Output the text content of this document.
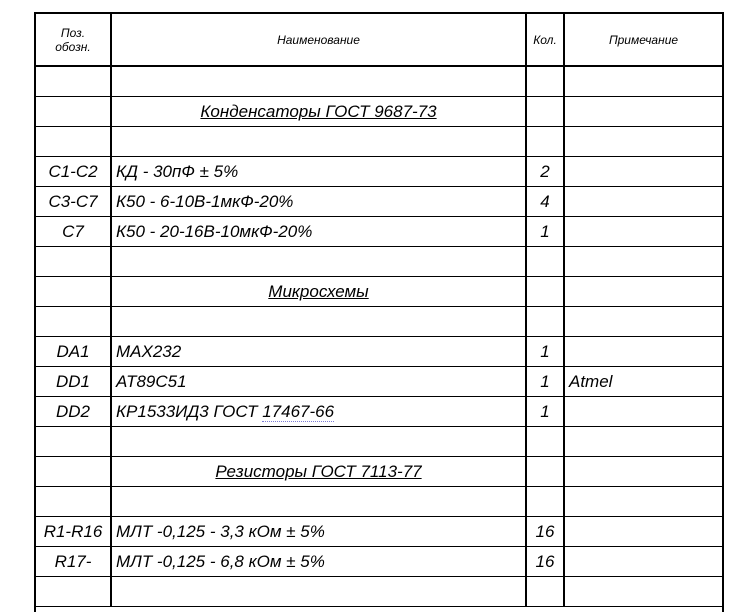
Поз.
обозн.	Наименование	Кол.	Примечание

	Конденсаторы ГОСТ 9687-73		

C1-C2	КД - 30пФ ± 5%	2	
C3-C7	К50 - 6-10В-1мкФ-20%	4	
C7	К50 - 20-16В-10мкФ-20%	1	

	Микросхемы		

DA1	MAX232	1	
DD1	AT89C51	1	Atmel
DD2	КР1533ИД3 ГОСТ 17467-66	1	

	Резисторы ГОСТ 7113-77		

R1-R16	МЛТ -0,125 - 3,3 кОм ± 5%	16	
R17-	МЛТ -0,125 - 6,8 кОм ± 5%	16	
